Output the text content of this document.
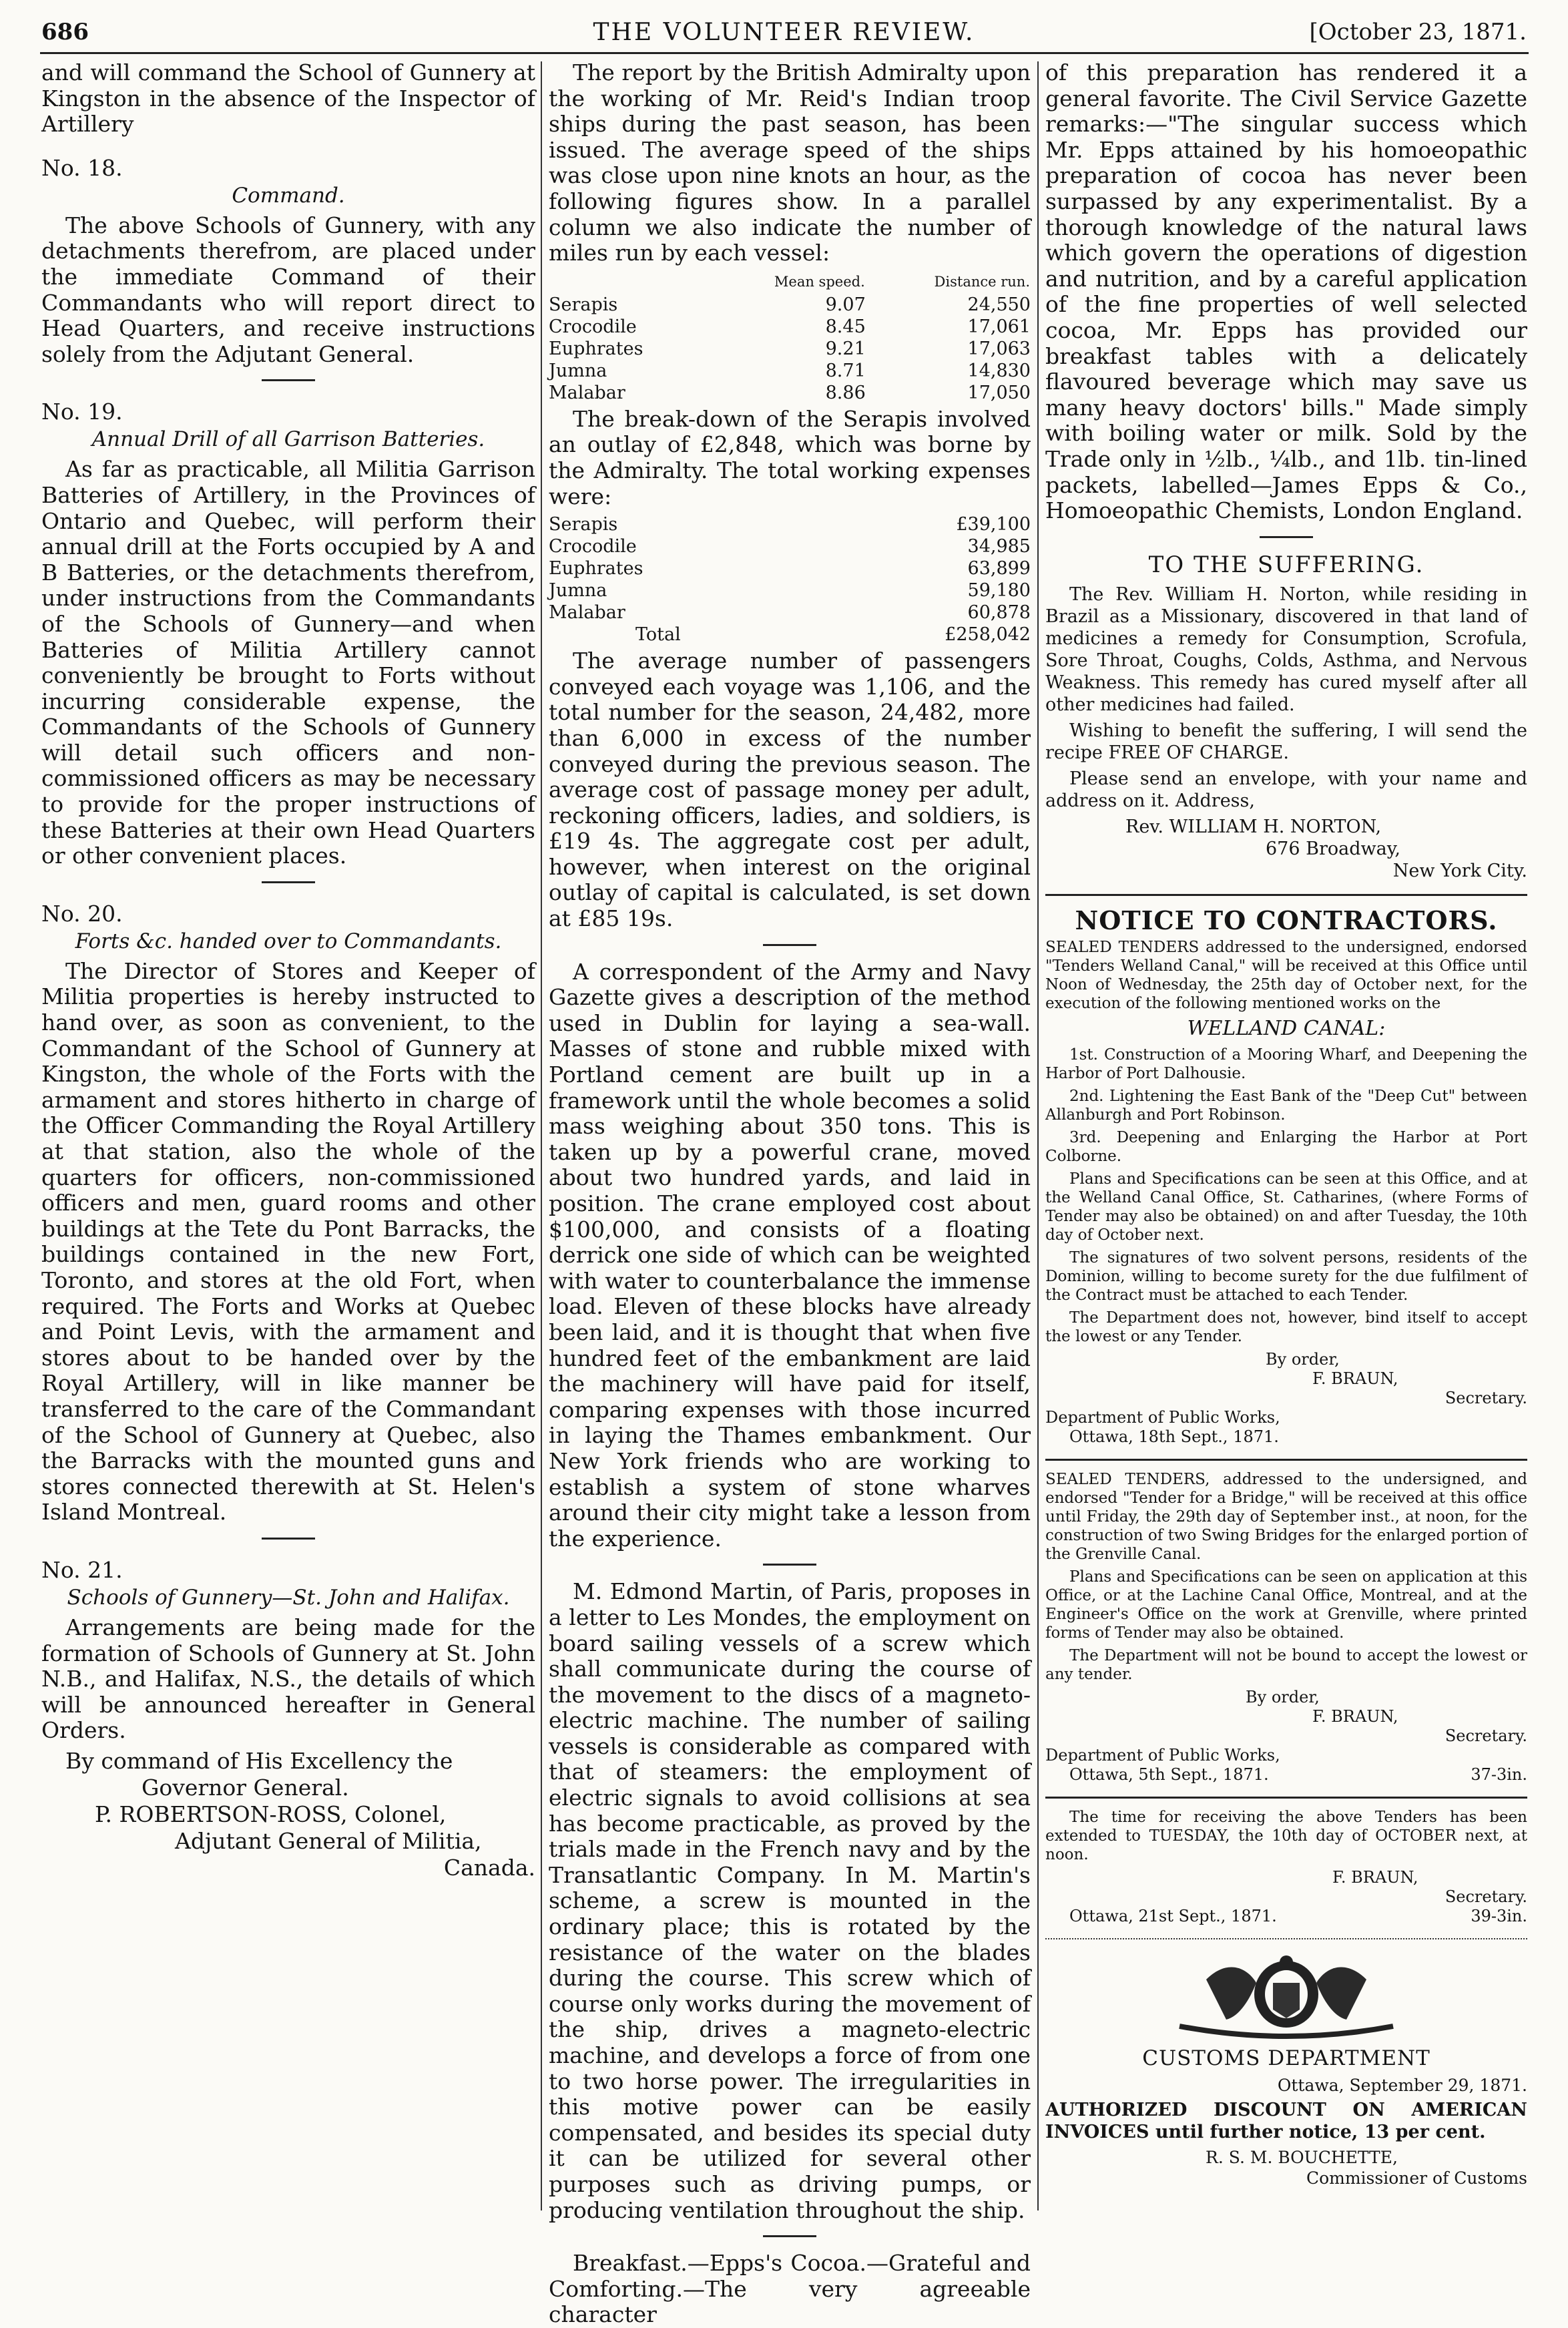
686	THE VOLUNTEER REVIEW.	[October 23, 1871.

and will command the School of Gunnery at Kingston in the absence of the Inspector of Artillery

No. 18.
Command.

The above Schools of Gunnery, with any detachments therefrom, are placed under the immediate Command of their Commandants who will report direct to Head Quarters, and receive instructions solely from the Adjutant General.

No. 19.
Annual Drill of all Garrison Batteries.

As far as practicable, all Militia Garrison Batteries of Artillery, in the Provinces of Ontario and Quebec, will perform their annual drill at the Forts occupied by A and B Batteries, or the detachments therefrom, under instructions from the Commandants of the Schools of Gunnery—and when Batteries of Militia Artillery cannot conveniently be brought to Forts without incurring considerable expense, the Commandants of the Schools of Gunnery will detail such officers and non-commissioned officers as may be necessary to provide for the proper instructions of these Batteries at their own Head Quarters or other convenient places.

No. 20.
Forts &c. handed over to Commandants.

The Director of Stores and Keeper of Militia properties is hereby instructed to hand over, as soon as convenient, to the Commandant of the School of Gunnery at Kingston, the whole of the Forts with the armament and stores hitherto in charge of the Officer Commanding the Royal Artillery at that station, also the whole of the quarters for officers, non-commissioned officers and men, guard rooms and other buildings at the Tete du Pont Barracks, the buildings contained in the new Fort, Toronto, and stores at the old Fort, when required. The Forts and Works at Quebec and Point Levis, with the armament and stores about to be handed over by the Royal Artillery, will in like manner be transferred to the care of the Commandant of the School of Gunnery at Quebec, also the Barracks with the mounted guns and stores connected therewith at St. Helen's Island Montreal.

No. 21.
Schools of Gunnery—St. John and Halifax.

Arrangements are being made for the formation of Schools of Gunnery at St. John N.B., and Halifax, N.S., the details of which will be announced hereafter in General Orders.

By command of His Excellency the
Governor General.
P. ROBERTSON-ROSS, Colonel,
Adjutant General of Militia,
Canada.

The report by the British Admiralty upon the working of Mr. Reid's Indian troop ships during the past season, has been issued. The average speed of the ships was close upon nine knots an hour, as the following figures show. In a parallel column we also indicate the number of miles run by each vessel:

	Mean speed.	Distance run.
Serapis	9.07	24,550
Crocodile	8.45	17,061
Euphrates	9.21	17,063
Jumna	8.71	14,830
Malabar	8.86	17,050

The break-down of the Serapis involved an outlay of £2,848, which was borne by the Admiralty. The total working expenses were:

Serapis	£39,100
Crocodile	34,985
Euphrates	63,899
Jumna	59,180
Malabar	60,878
Total	£258,042

The average number of passengers conveyed each voyage was 1,106, and the total number for the season, 24,482, more than 6,000 in excess of the number conveyed during the previous season. The average cost of passage money per adult, reckoning officers, ladies, and soldiers, is £19 4s. The aggregate cost per adult, however, when interest on the original outlay of capital is calculated, is set down at £85 19s.

A correspondent of the Army and Navy Gazette gives a description of the method used in Dublin for laying a sea-wall. Masses of stone and rubble mixed with Portland cement are built up in a framework until the whole becomes a solid mass weighing about 350 tons. This is taken up by a powerful crane, moved about two hundred yards, and laid in position. The crane employed cost about $100,000, and consists of a floating derrick one side of which can be weighted with water to counterbalance the immense load. Eleven of these blocks have already been laid, and it is thought that when five hundred feet of the embankment are laid the machinery will have paid for itself, comparing expenses with those incurred in laying the Thames embankment. Our New York friends who are working to establish a system of stone wharves around their city might take a lesson from the experience.

M. Edmond Martin, of Paris, proposes in a letter to Les Mondes, the employment on board sailing vessels of a screw which shall communicate during the course of the movement to the discs of a magneto-electric machine. The number of sailing vessels is considerable as compared with that of steamers: the employment of electric signals to avoid collisions at sea has become practicable, as proved by the trials made in the French navy and by the Transatlantic Company. In M. Martin's scheme, a screw is mounted in the ordinary place; this is rotated by the resistance of the water on the blades during the course. This screw which of course only works during the movement of the ship, drives a magneto-electric machine, and develops a force of from one to two horse power. The irregularities in this motive power can be easily compensated, and besides its special duty it can be utilized for several other purposes such as driving pumps, or producing ventilation throughout the ship.

Breakfast.—Epps's Cocoa.—Grateful and Comforting.—The very agreeable character

of this preparation has rendered it a general favorite. The Civil Service Gazette remarks:—"The singular success which Mr. Epps attained by his homoeopathic preparation of cocoa has never been surpassed by any experimentalist. By a thorough knowledge of the natural laws which govern the operations of digestion and nutrition, and by a careful application of the fine properties of well selected cocoa, Mr. Epps has provided our breakfast tables with a delicately flavoured beverage which may save us many heavy doctors' bills." Made simply with boiling water or milk. Sold by the Trade only in ½lb., ¼lb., and 1lb. tin-lined packets, labelled—James Epps & Co., Homoeopathic Chemists, London England.

TO THE SUFFERING.

The Rev. William H. Norton, while residing in Brazil as a Missionary, discovered in that land of medicines a remedy for Consumption, Scrofula, Sore Throat, Coughs, Colds, Asthma, and Nervous Weakness. This remedy has cured myself after all other medicines had failed.

Wishing to benefit the suffering, I will send the recipe FREE OF CHARGE.

Please send an envelope, with your name and address on it. Address,

Rev. WILLIAM H. NORTON,
676 Broadway,
New York City.
NOTICE TO CONTRACTORS.

SEALED TENDERS addressed to the undersigned, endorsed "Tenders Welland Canal," will be received at this Office until Noon of Wednesday, the 25th day of October next, for the execution of the following mentioned works on the

WELLAND CANAL:

1st. Construction of a Mooring Wharf, and Deepening the Harbor of Port Dalhousie.

2nd. Lightening the East Bank of the "Deep Cut" between Allanburgh and Port Robinson.

3rd. Deepening and Enlarging the Harbor at Port Colborne.

Plans and Specifications can be seen at this Office, and at the Welland Canal Office, St. Catharines, (where Forms of Tender may also be obtained) on and after Tuesday, the 10th day of October next.

The signatures of two solvent persons, residents of the Dominion, willing to become surety for the due fulfilment of the Contract must be attached to each Tender.

The Department does not, however, bind itself to accept the lowest or any Tender.

By order,
F. BRAUN,
Secretary.
Department of Public Works,
Ottawa, 18th Sept., 1871.

SEALED TENDERS, addressed to the undersigned, and endorsed "Tender for a Bridge," will be received at this office until Friday, the 29th day of September inst., at noon, for the construction of two Swing Bridges for the enlarged portion of the Grenville Canal.

Plans and Specifications can be seen on application at this Office, or at the Lachine Canal Office, Montreal, and at the Engineer's Office on the work at Grenville, where printed forms of Tender may also be obtained.

The Department will not be bound to accept the lowest or any tender.

By order,
F. BRAUN,
Secretary.
Department of Public Works,
Ottawa, 5th Sept., 1871.	37-3in.

The time for receiving the above Tenders has been extended to TUESDAY, the 10th day of OCTOBER next, at noon.

F. BRAUN,
Secretary.
Ottawa, 21st Sept., 1871.	39-3in.
CUSTOMS DEPARTMENT
Ottawa, September 29, 1871.

AUTHORIZED DISCOUNT ON AMERICAN INVOICES until further notice, 13 per cent.

R. S. M. BOUCHETTE,
Commissioner of Customs
